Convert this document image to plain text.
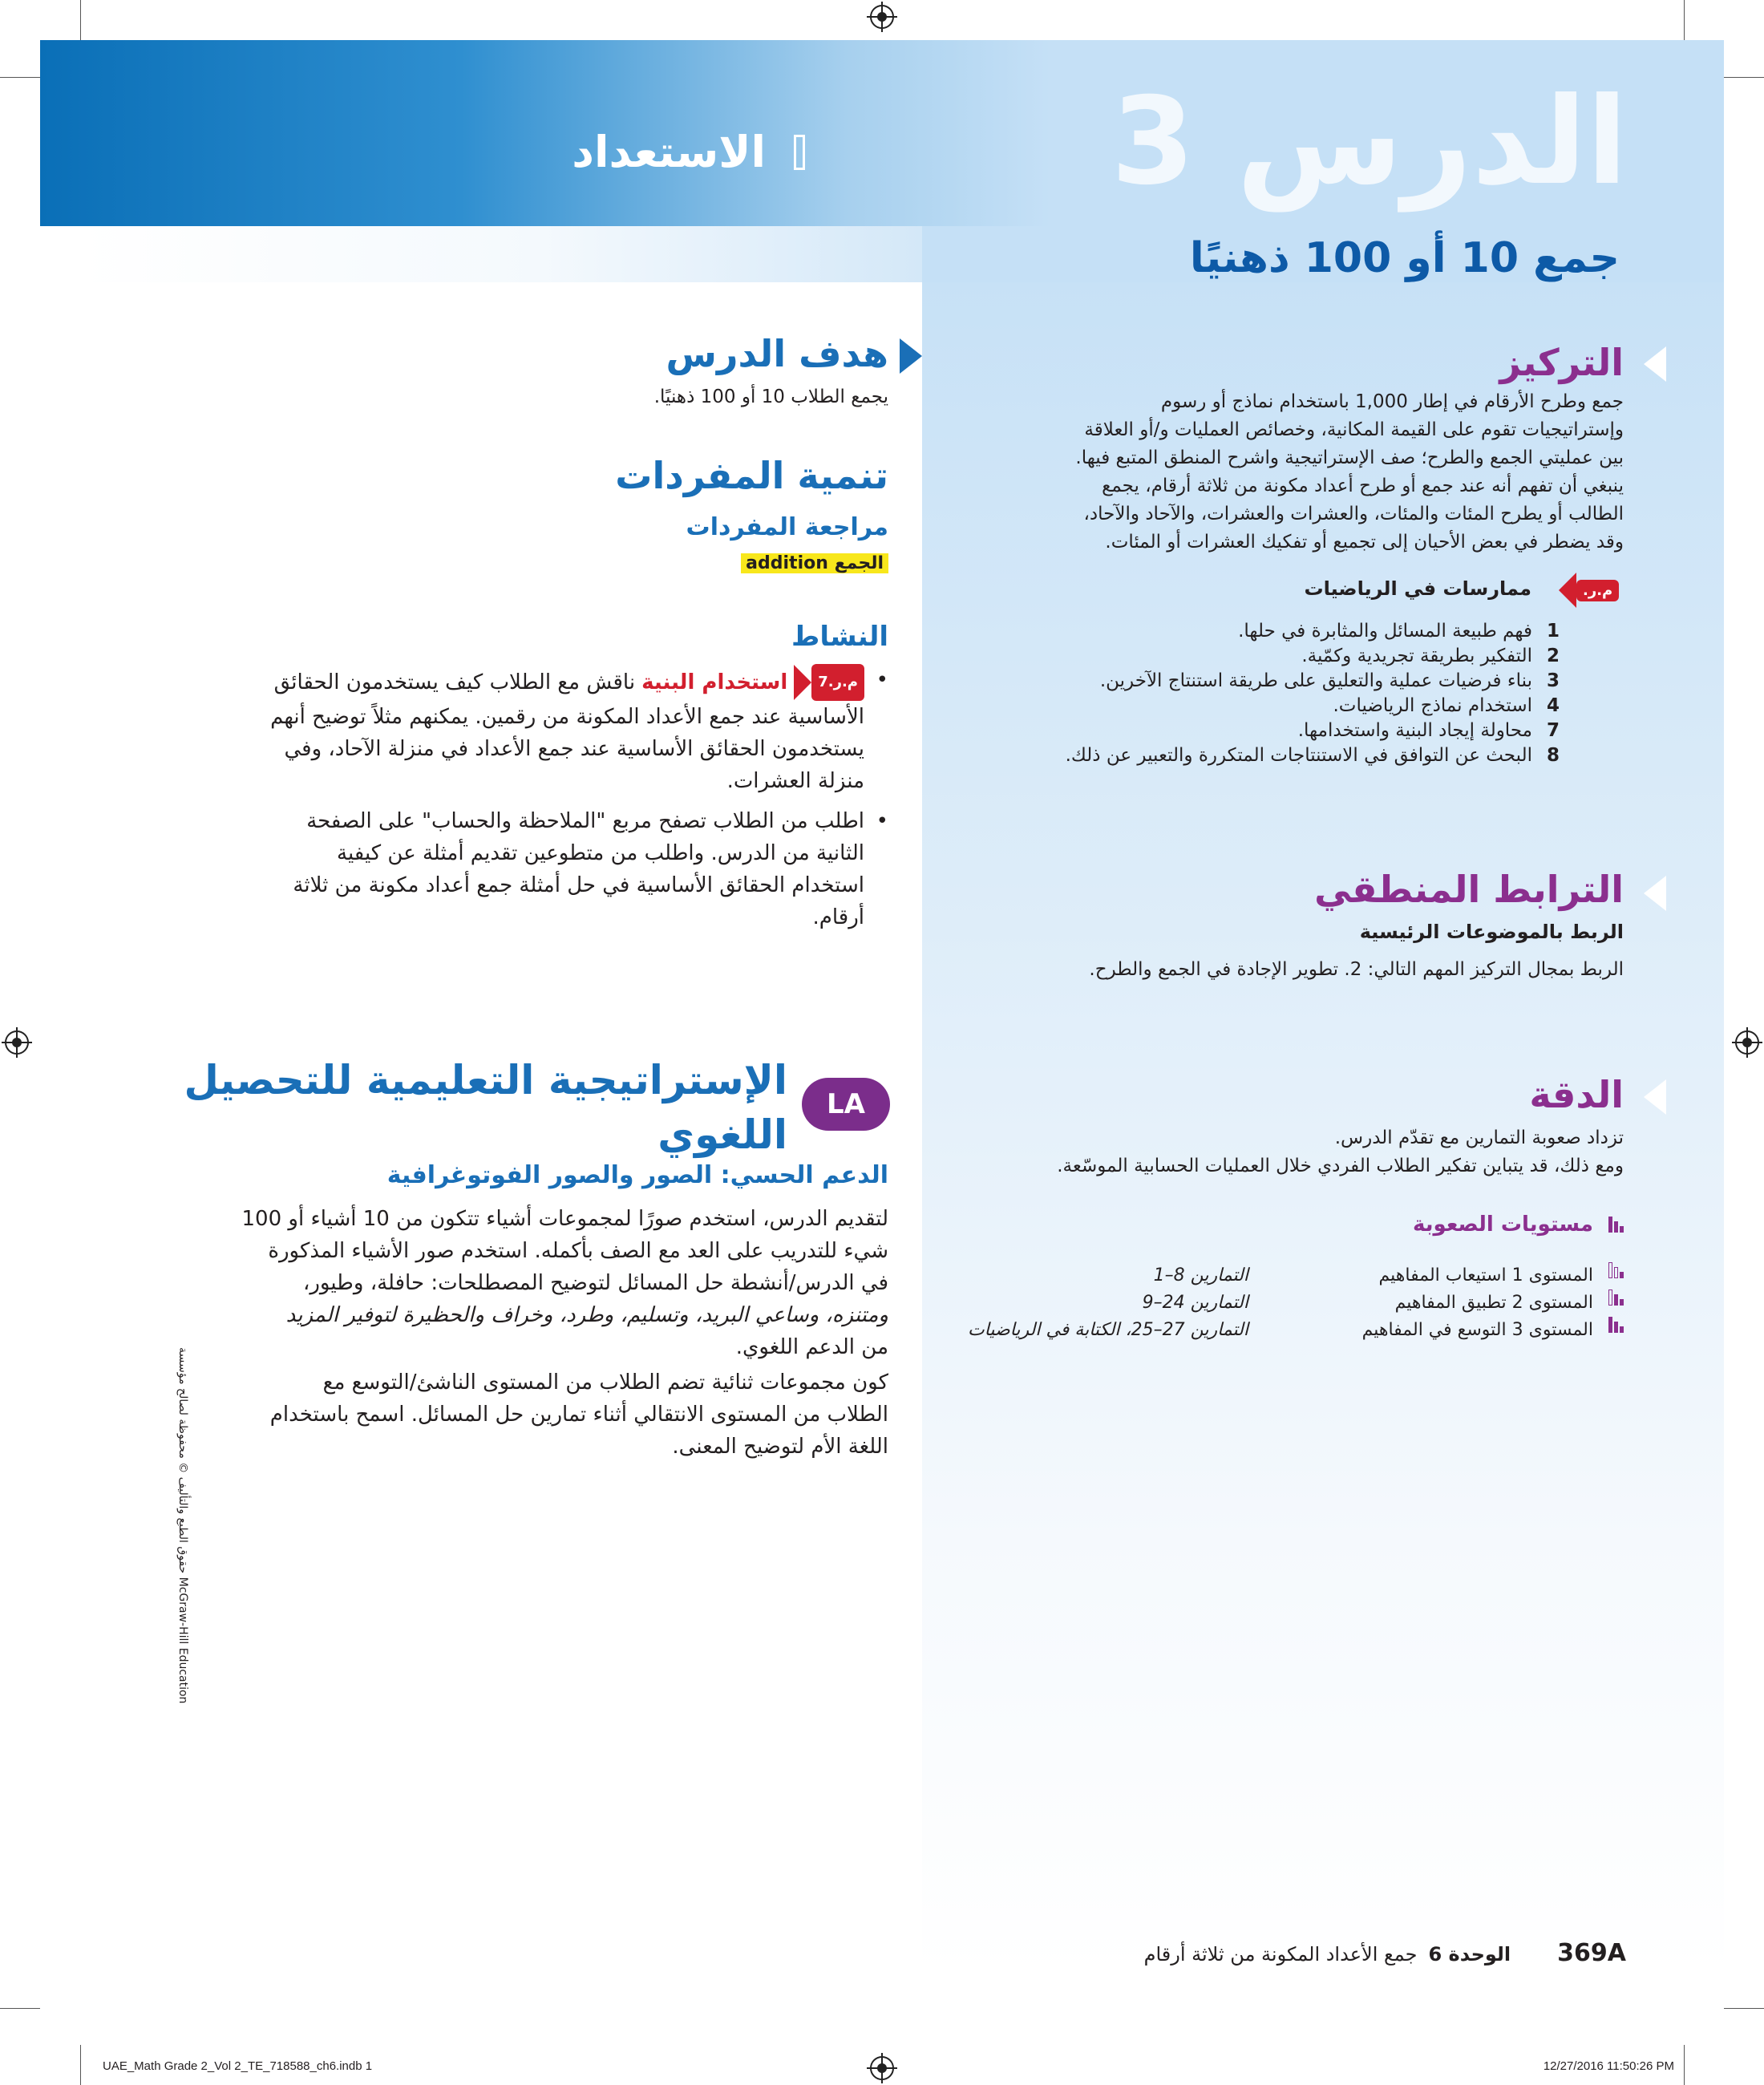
الدرس 3
الاستعداد
جمع 10 أو 100 ذهنيًا
التركيز
جمع وطرح الأرقام في إطار 1,000 باستخدام نماذج أو رسوم
وإستراتيجيات تقوم على القيمة المكانية، وخصائص العمليات و/أو العلاقة
بين عمليتي الجمع والطرح؛ صف الإستراتيجية واشرح المنطق المتبع فيها.
ينبغي أن تفهم أنه عند جمع أو طرح أعداد مكونة من ثلاثة أرقام، يجمع
الطالب أو يطرح المئات والمئات، والعشرات والعشرات، والآحاد والآحاد،
وقد يضطر في بعض الأحيان إلى تجميع أو تفكيك العشرات أو المئات.
م.ر.
ممارسات في الرياضيات
1
فهم طبيعة المسائل والمثابرة في حلها.
2
التفكير بطريقة تجريدية وكمّية.
3
بناء فرضيات عملية والتعليق على طريقة استنتاج الآخرين.
4
استخدام نماذج الرياضيات.
7
محاولة إيجاد البنية واستخدامها.
8
البحث عن التوافق في الاستنتاجات المتكررة والتعبير عن ذلك.
الترابط المنطقي
الربط بالموضوعات الرئيسية
الربط بمجال التركيز المهم التالي: 2. تطوير الإجادة في الجمع والطرح.
الدقة
تزداد صعوبة التمارين مع تقدّم الدرس.
ومع ذلك، قد يتباين تفكير الطلاب الفردي خلال العمليات الحسابية الموسّعة.
مستويات الصعوبة
المستوى 1 استيعاب المفاهيم
التمارين 8–1
المستوى 2 تطبيق المفاهيم
التمارين 24–9
المستوى 3 التوسع في المفاهيم
التمارين 27–25، الكتابة في الرياضيات
هدف الدرس
يجمع الطلاب 10 أو 100 ذهنيًا.
تنمية المفردات
مراجعة المفردات
الجمع addition
النشاط
•
م.ر.7
استخدام البنية
ناقش مع الطلاب كيف يستخدمون الحقائق
الأساسية عند جمع الأعداد المكونة من رقمين. يمكنهم مثلاً توضيح أنهم
يستخدمون الحقائق الأساسية عند جمع الأعداد في منزلة الآحاد، وفي
منزلة العشرات.
•
اطلب من الطلاب تصفح مربع "الملاحظة والحساب" على الصفحة
الثانية من الدرس. واطلب من متطوعين تقديم أمثلة عن كيفية
استخدام الحقائق الأساسية في حل أمثلة جمع أعداد مكونة من ثلاثة
أرقام.
LA
الإستراتيجية التعليمية للتحصيل
اللغوي
الدعم الحسي: الصور والصور الفوتوغرافية
لتقديم الدرس، استخدم صورًا لمجموعات أشياء تتكون من 10 أشياء أو 100
شيء للتدريب على العد مع الصف بأكمله. استخدم صور الأشياء المذكورة
في الدرس/أنشطة حل المسائل لتوضيح المصطلحات: حافلة، وطيور،
ومتنزه، وساعي البريد، وتسليم، وطرد، وخراف والحظيرة لتوفير المزيد
من الدعم اللغوي.
كون مجموعات ثنائية تضم الطلاب من المستوى الناشئ/التوسع مع
الطلاب من المستوى الانتقالي أثناء تمارين حل المسائل. اسمح باستخدام
اللغة الأم لتوضيح المعنى.
حقوق الطبع والتأليف © محفوظة لصالح مؤسسة McGraw-Hill Education
369A
الوحدة 6
جمع الأعداد المكونة من ثلاثة أرقام
UAE_Math Grade 2_Vol 2_TE_718588_ch6.indb 1	12/27/2016 11:50:26 PM
